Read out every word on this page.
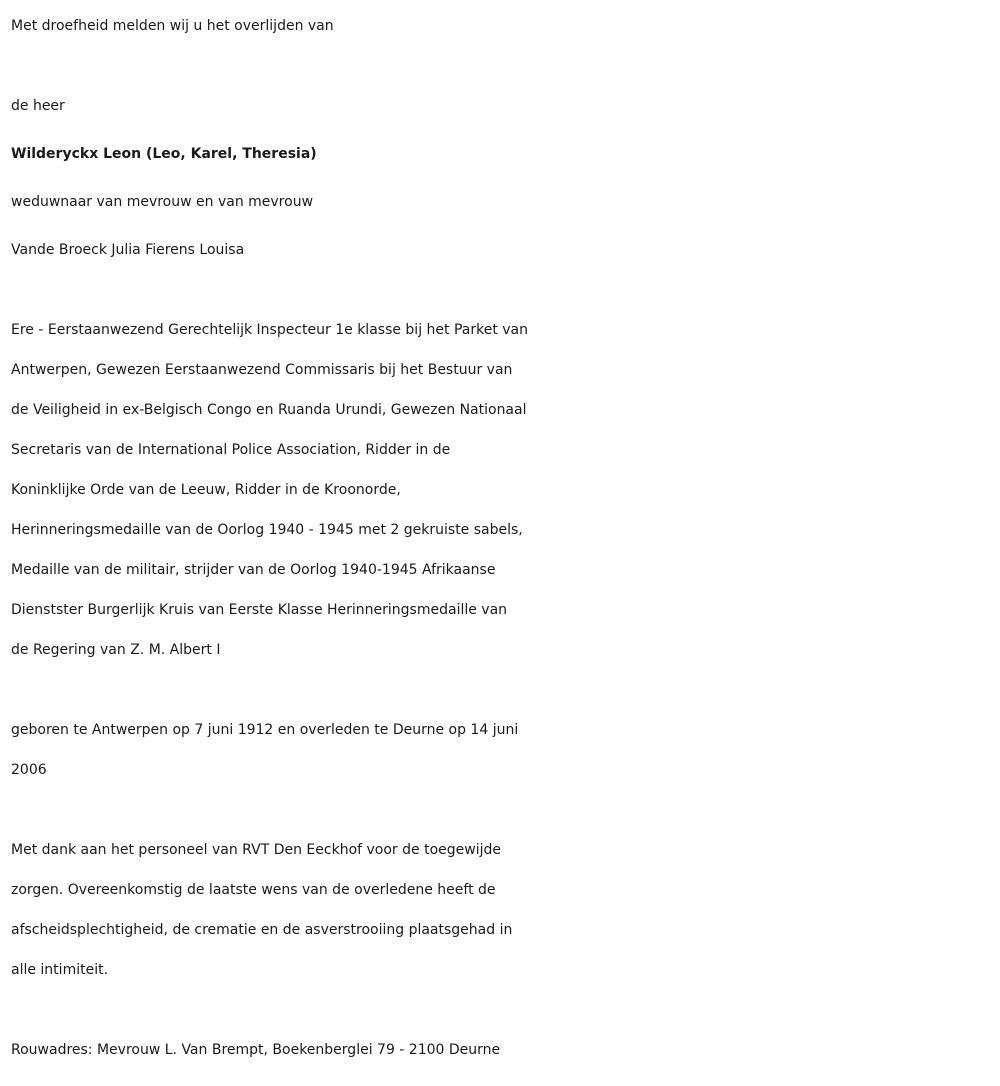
Met droefheid melden wij u het overlijden van
de heer
Wilderyckx Leon (Leo, Karel, Theresia)
weduwnaar van mevrouw en van mevrouw
Vande Broeck Julia Fierens Louisa
Ere - Eerstaanwezend Gerechtelijk Inspecteur 1e klasse bij het Parket van
Antwerpen, Gewezen Eerstaanwezend Commissaris bij het Bestuur van
de Veiligheid in ex-Belgisch Congo en Ruanda Urundi, Gewezen Nationaal
Secretaris van de International Police Association, Ridder in de
Koninklijke Orde van de Leeuw, Ridder in de Kroonorde,
Herinneringsmedaille van de Oorlog 1940 - 1945 met 2 gekruiste sabels,
Medaille van de militair, strijder van de Oorlog 1940-1945 Afrikaanse
Dienstster Burgerlijk Kruis van Eerste Klasse Herinneringsmedaille van
de Regering van Z. M. Albert I
geboren te Antwerpen op 7 juni 1912 en overleden te Deurne op 14 juni
2006
Met dank aan het personeel van RVT Den Eeckhof voor de toegewijde
zorgen. Overeenkomstig de laatste wens van de overledene heeft de
afscheidsplechtigheid, de crematie en de asverstrooiing plaatsgehad in
alle intimiteit.
Rouwadres: Mevrouw L. Van Brempt, Boekenberglei 79 - 2100 Deurne
